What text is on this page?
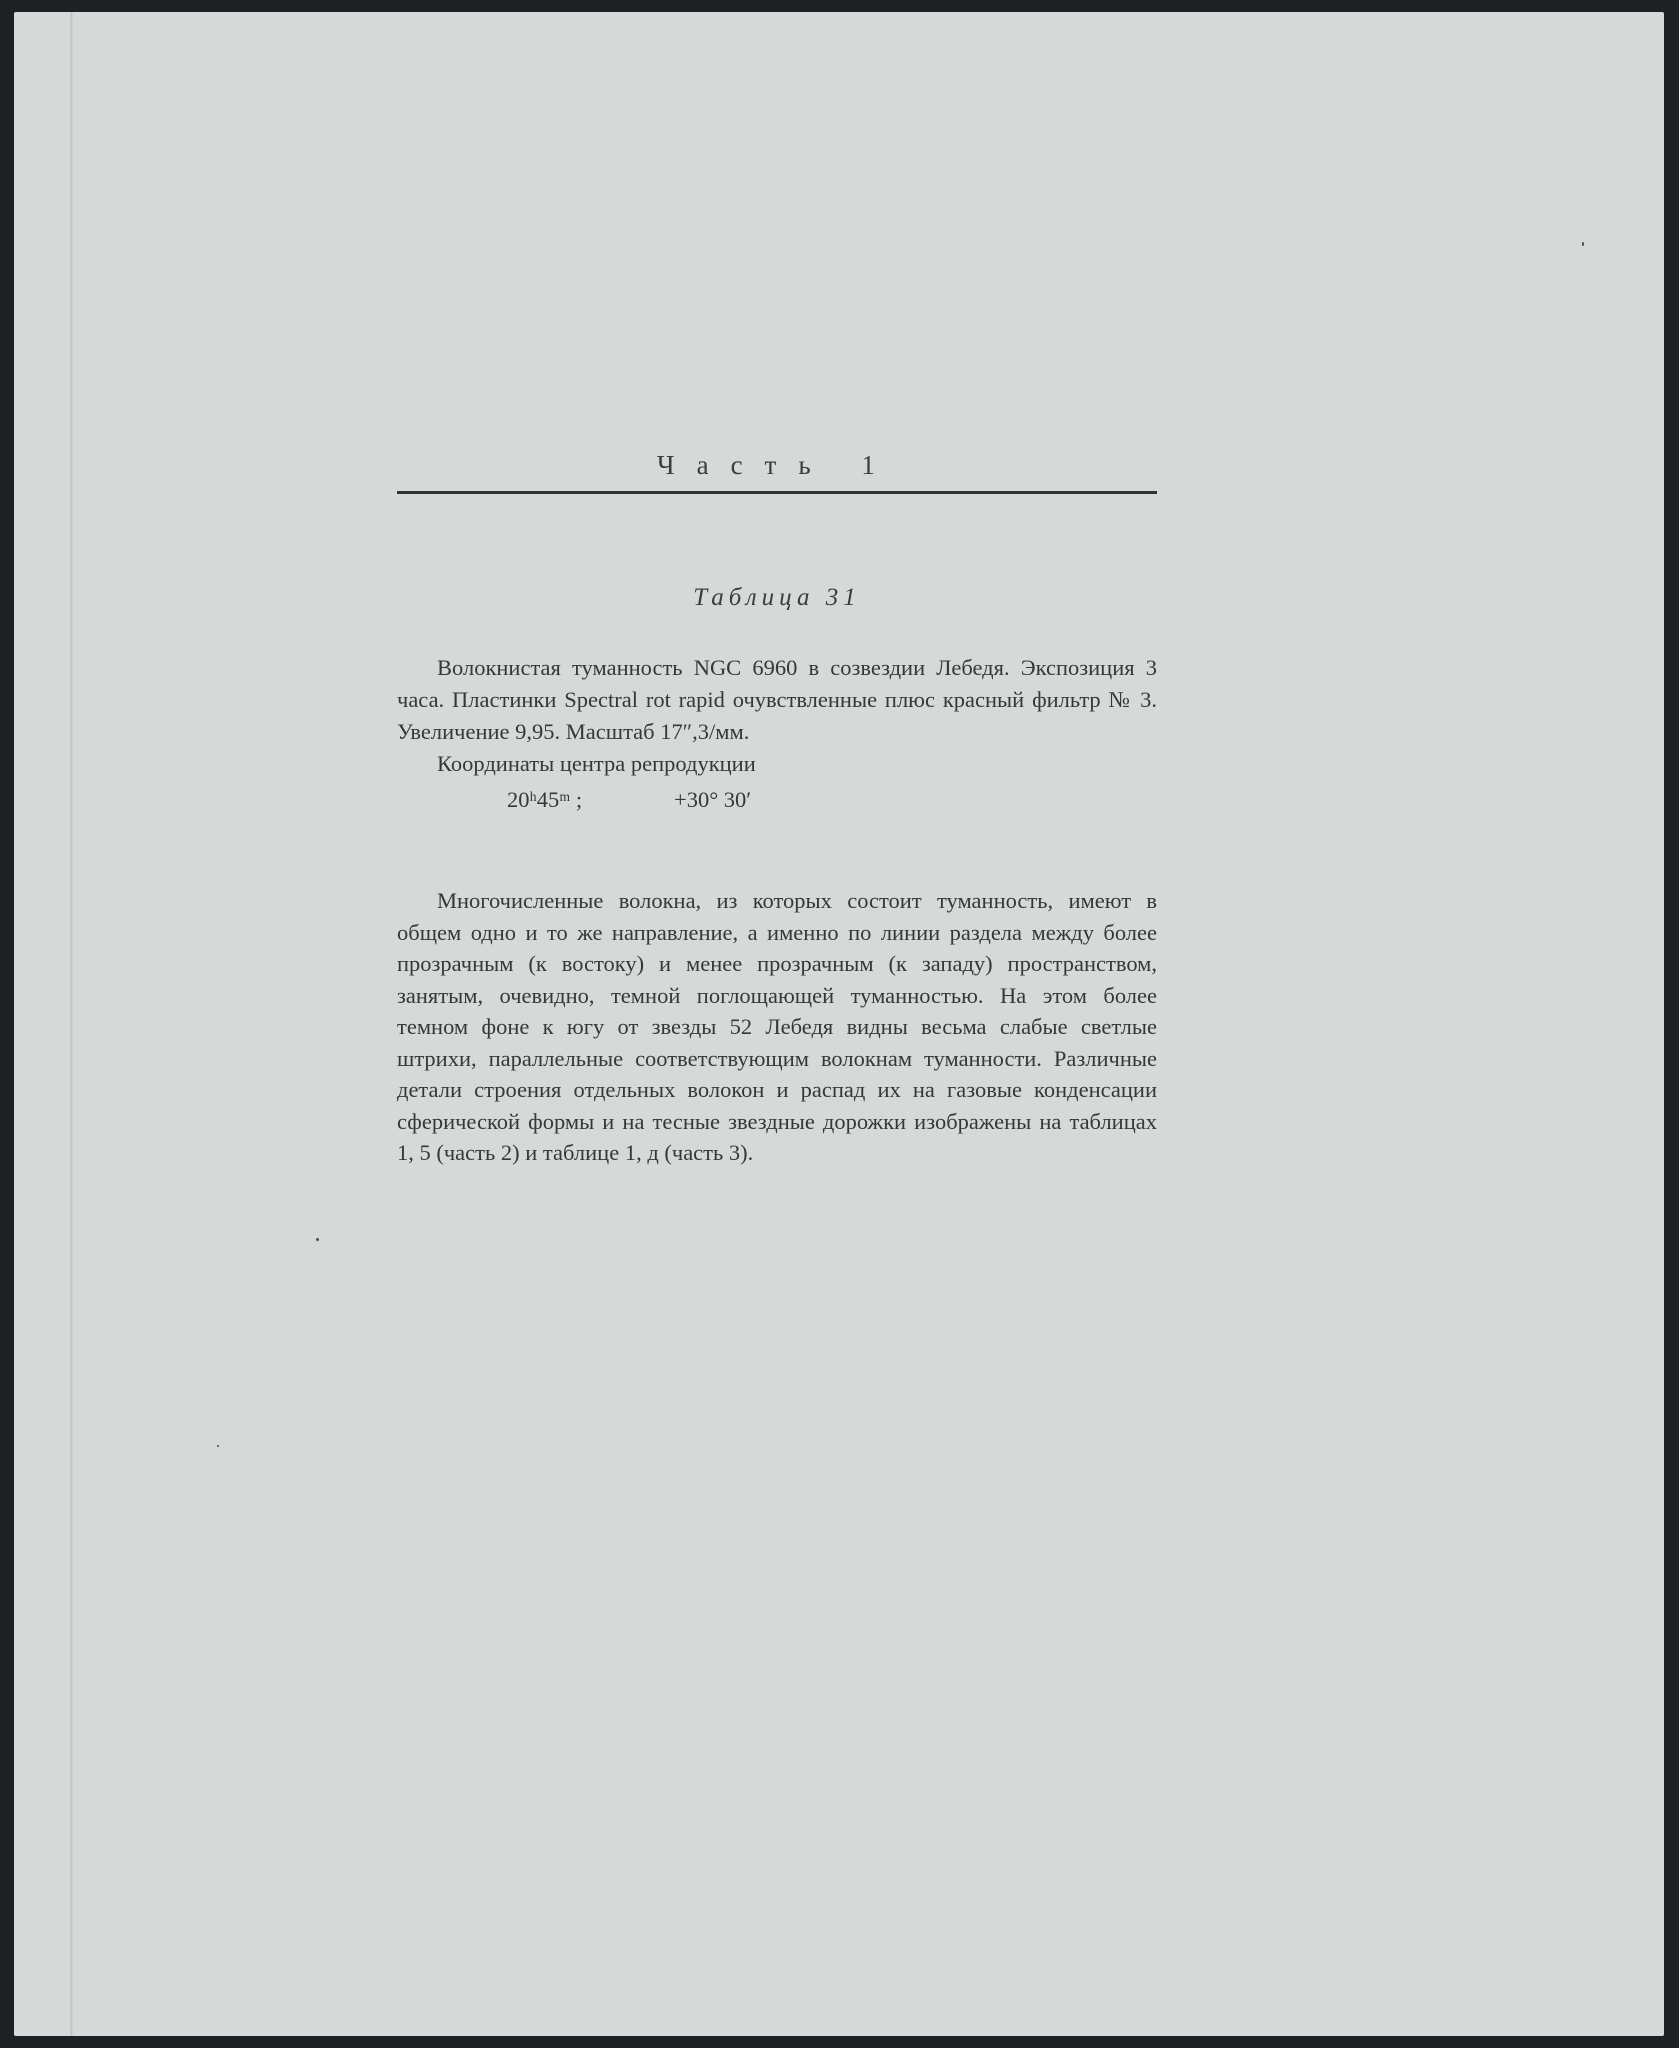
Часть 1
Таблица 31

Волокнистая туманность NGC 6960 в созвездии Лебедя. Экспозиция 3 часа. Пластинки Spectral rot rapid очувствленные плюс красный фильтр № 3. Увеличение 9,95. Масштаб 17″,3/мм.

Координаты центра репродукции

20ʰ45ᵐ ;	+30° 30′

Многочисленные волокна, из которых состоит туманность, имеют в общем одно и то же направление, а именно по линии раздела между более прозрачным (к востоку) и менее прозрачным (к западу) пространством, занятым, очевидно, темной поглощающей туманностью. На этом более темном фоне к югу от звезды 52 Лебедя видны весьма слабые светлые штрихи, параллельные соответствующим волокнам туманности. Различные детали строения отдельных волокон и распад их на газовые конденсации сферической формы и на тесные звездные дорожки изображены на таблицах 1, 5 (часть 2) и таблице 1, д (часть 3).
